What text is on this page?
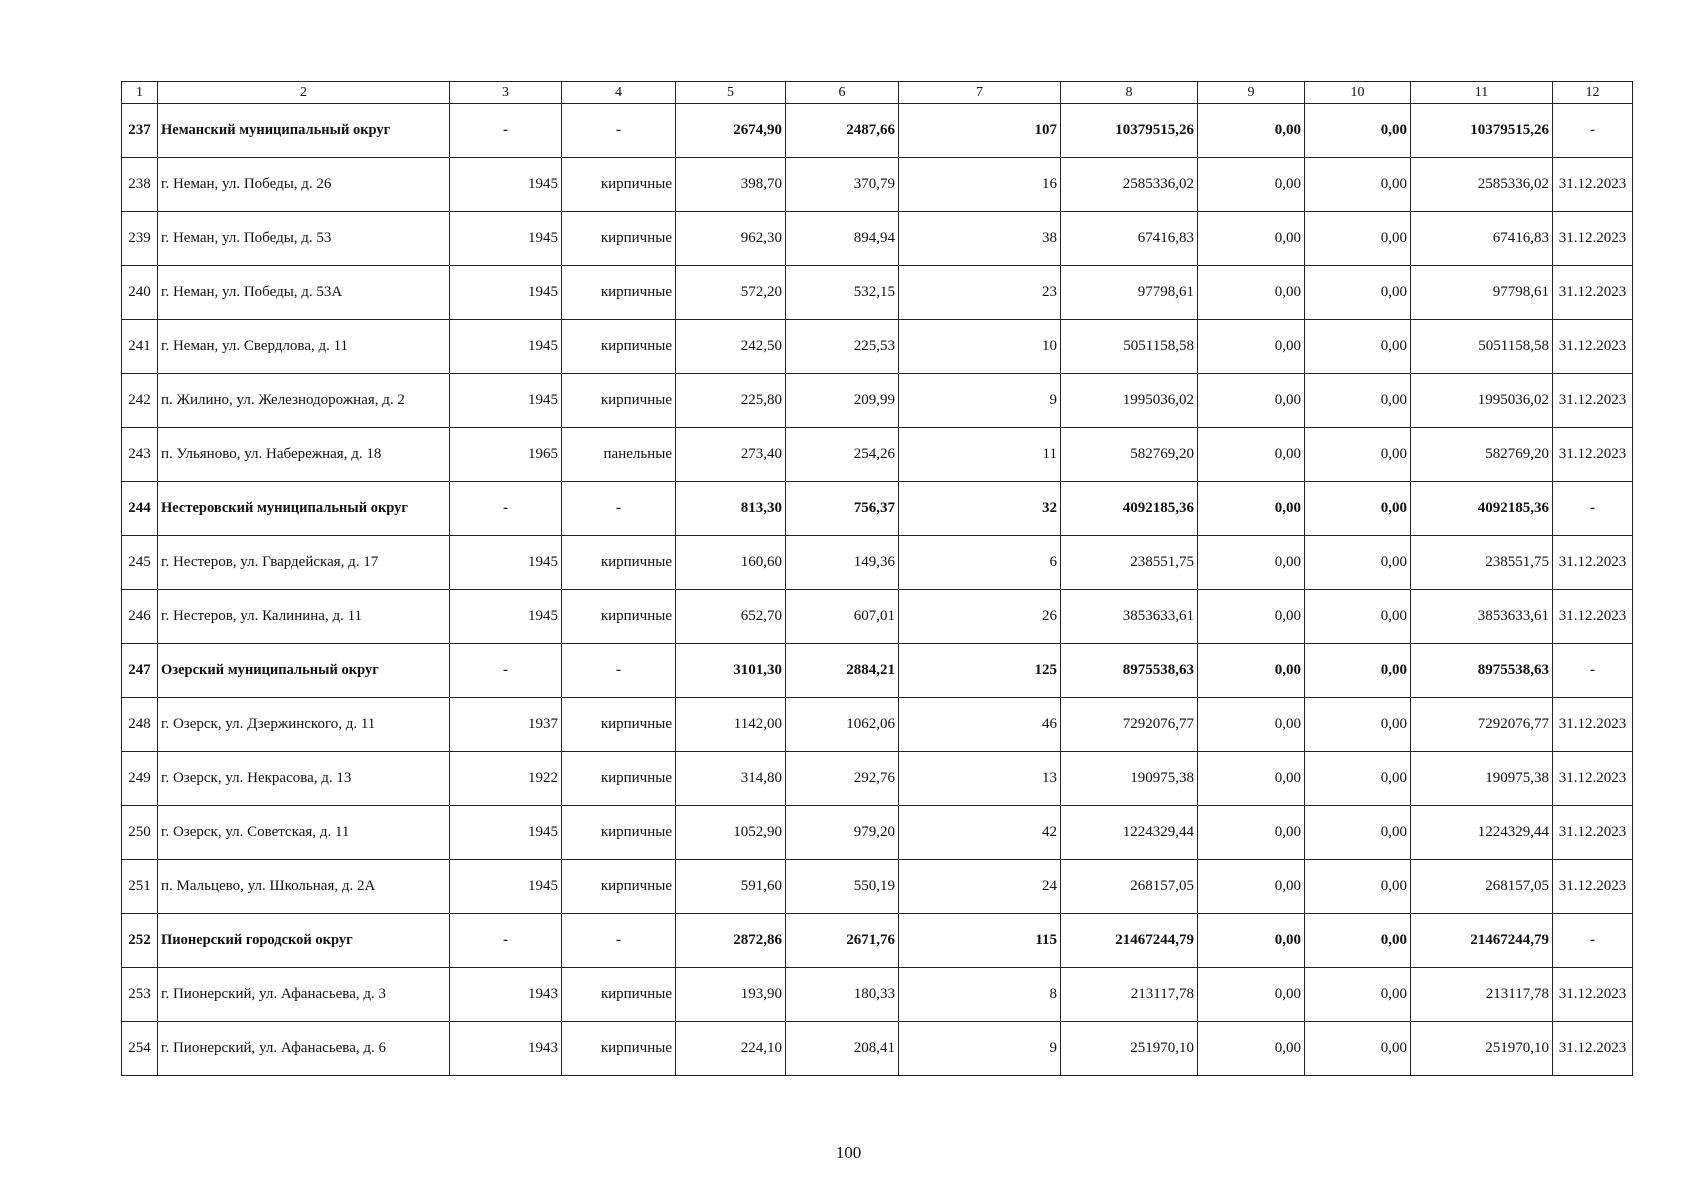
1	2	3	4	5	6	7	8	9	10	11	12
237	Неманский муниципальный округ	-	-	2674,90	2487,66	107	10379515,26	0,00	0,00	10379515,26	-
238	г. Неман, ул. Победы, д. 26	1945	кирпичные	398,70	370,79	16	2585336,02	0,00	0,00	2585336,02	31.12.2023
239	г. Неман, ул. Победы, д. 53	1945	кирпичные	962,30	894,94	38	67416,83	0,00	0,00	67416,83	31.12.2023
240	г. Неман, ул. Победы, д. 53А	1945	кирпичные	572,20	532,15	23	97798,61	0,00	0,00	97798,61	31.12.2023
241	г. Неман, ул. Свердлова, д. 11	1945	кирпичные	242,50	225,53	10	5051158,58	0,00	0,00	5051158,58	31.12.2023
242	п. Жилино, ул. Железнодорожная, д. 2	1945	кирпичные	225,80	209,99	9	1995036,02	0,00	0,00	1995036,02	31.12.2023
243	п. Ульяново, ул. Набережная, д. 18	1965	панельные	273,40	254,26	11	582769,20	0,00	0,00	582769,20	31.12.2023
244	Нестеровский муниципальный округ	-	-	813,30	756,37	32	4092185,36	0,00	0,00	4092185,36	-
245	г. Нестеров, ул. Гвардейская, д. 17	1945	кирпичные	160,60	149,36	6	238551,75	0,00	0,00	238551,75	31.12.2023
246	г. Нестеров, ул. Калинина, д. 11	1945	кирпичные	652,70	607,01	26	3853633,61	0,00	0,00	3853633,61	31.12.2023
247	Озерский муниципальный округ	-	-	3101,30	2884,21	125	8975538,63	0,00	0,00	8975538,63	-
248	г. Озерск, ул. Дзержинского, д. 11	1937	кирпичные	1142,00	1062,06	46	7292076,77	0,00	0,00	7292076,77	31.12.2023
249	г. Озерск, ул. Некрасова, д. 13	1922	кирпичные	314,80	292,76	13	190975,38	0,00	0,00	190975,38	31.12.2023
250	г. Озерск, ул. Советская, д. 11	1945	кирпичные	1052,90	979,20	42	1224329,44	0,00	0,00	1224329,44	31.12.2023
251	п. Мальцево, ул. Школьная, д. 2А	1945	кирпичные	591,60	550,19	24	268157,05	0,00	0,00	268157,05	31.12.2023
252	Пионерский городской округ	-	-	2872,86	2671,76	115	21467244,79	0,00	0,00	21467244,79	-
253	г. Пионерский, ул. Афанасьева, д. 3	1943	кирпичные	193,90	180,33	8	213117,78	0,00	0,00	213117,78	31.12.2023
254	г. Пионерский, ул. Афанасьева, д. 6	1943	кирпичные	224,10	208,41	9	251970,10	0,00	0,00	251970,10	31.12.2023
100
